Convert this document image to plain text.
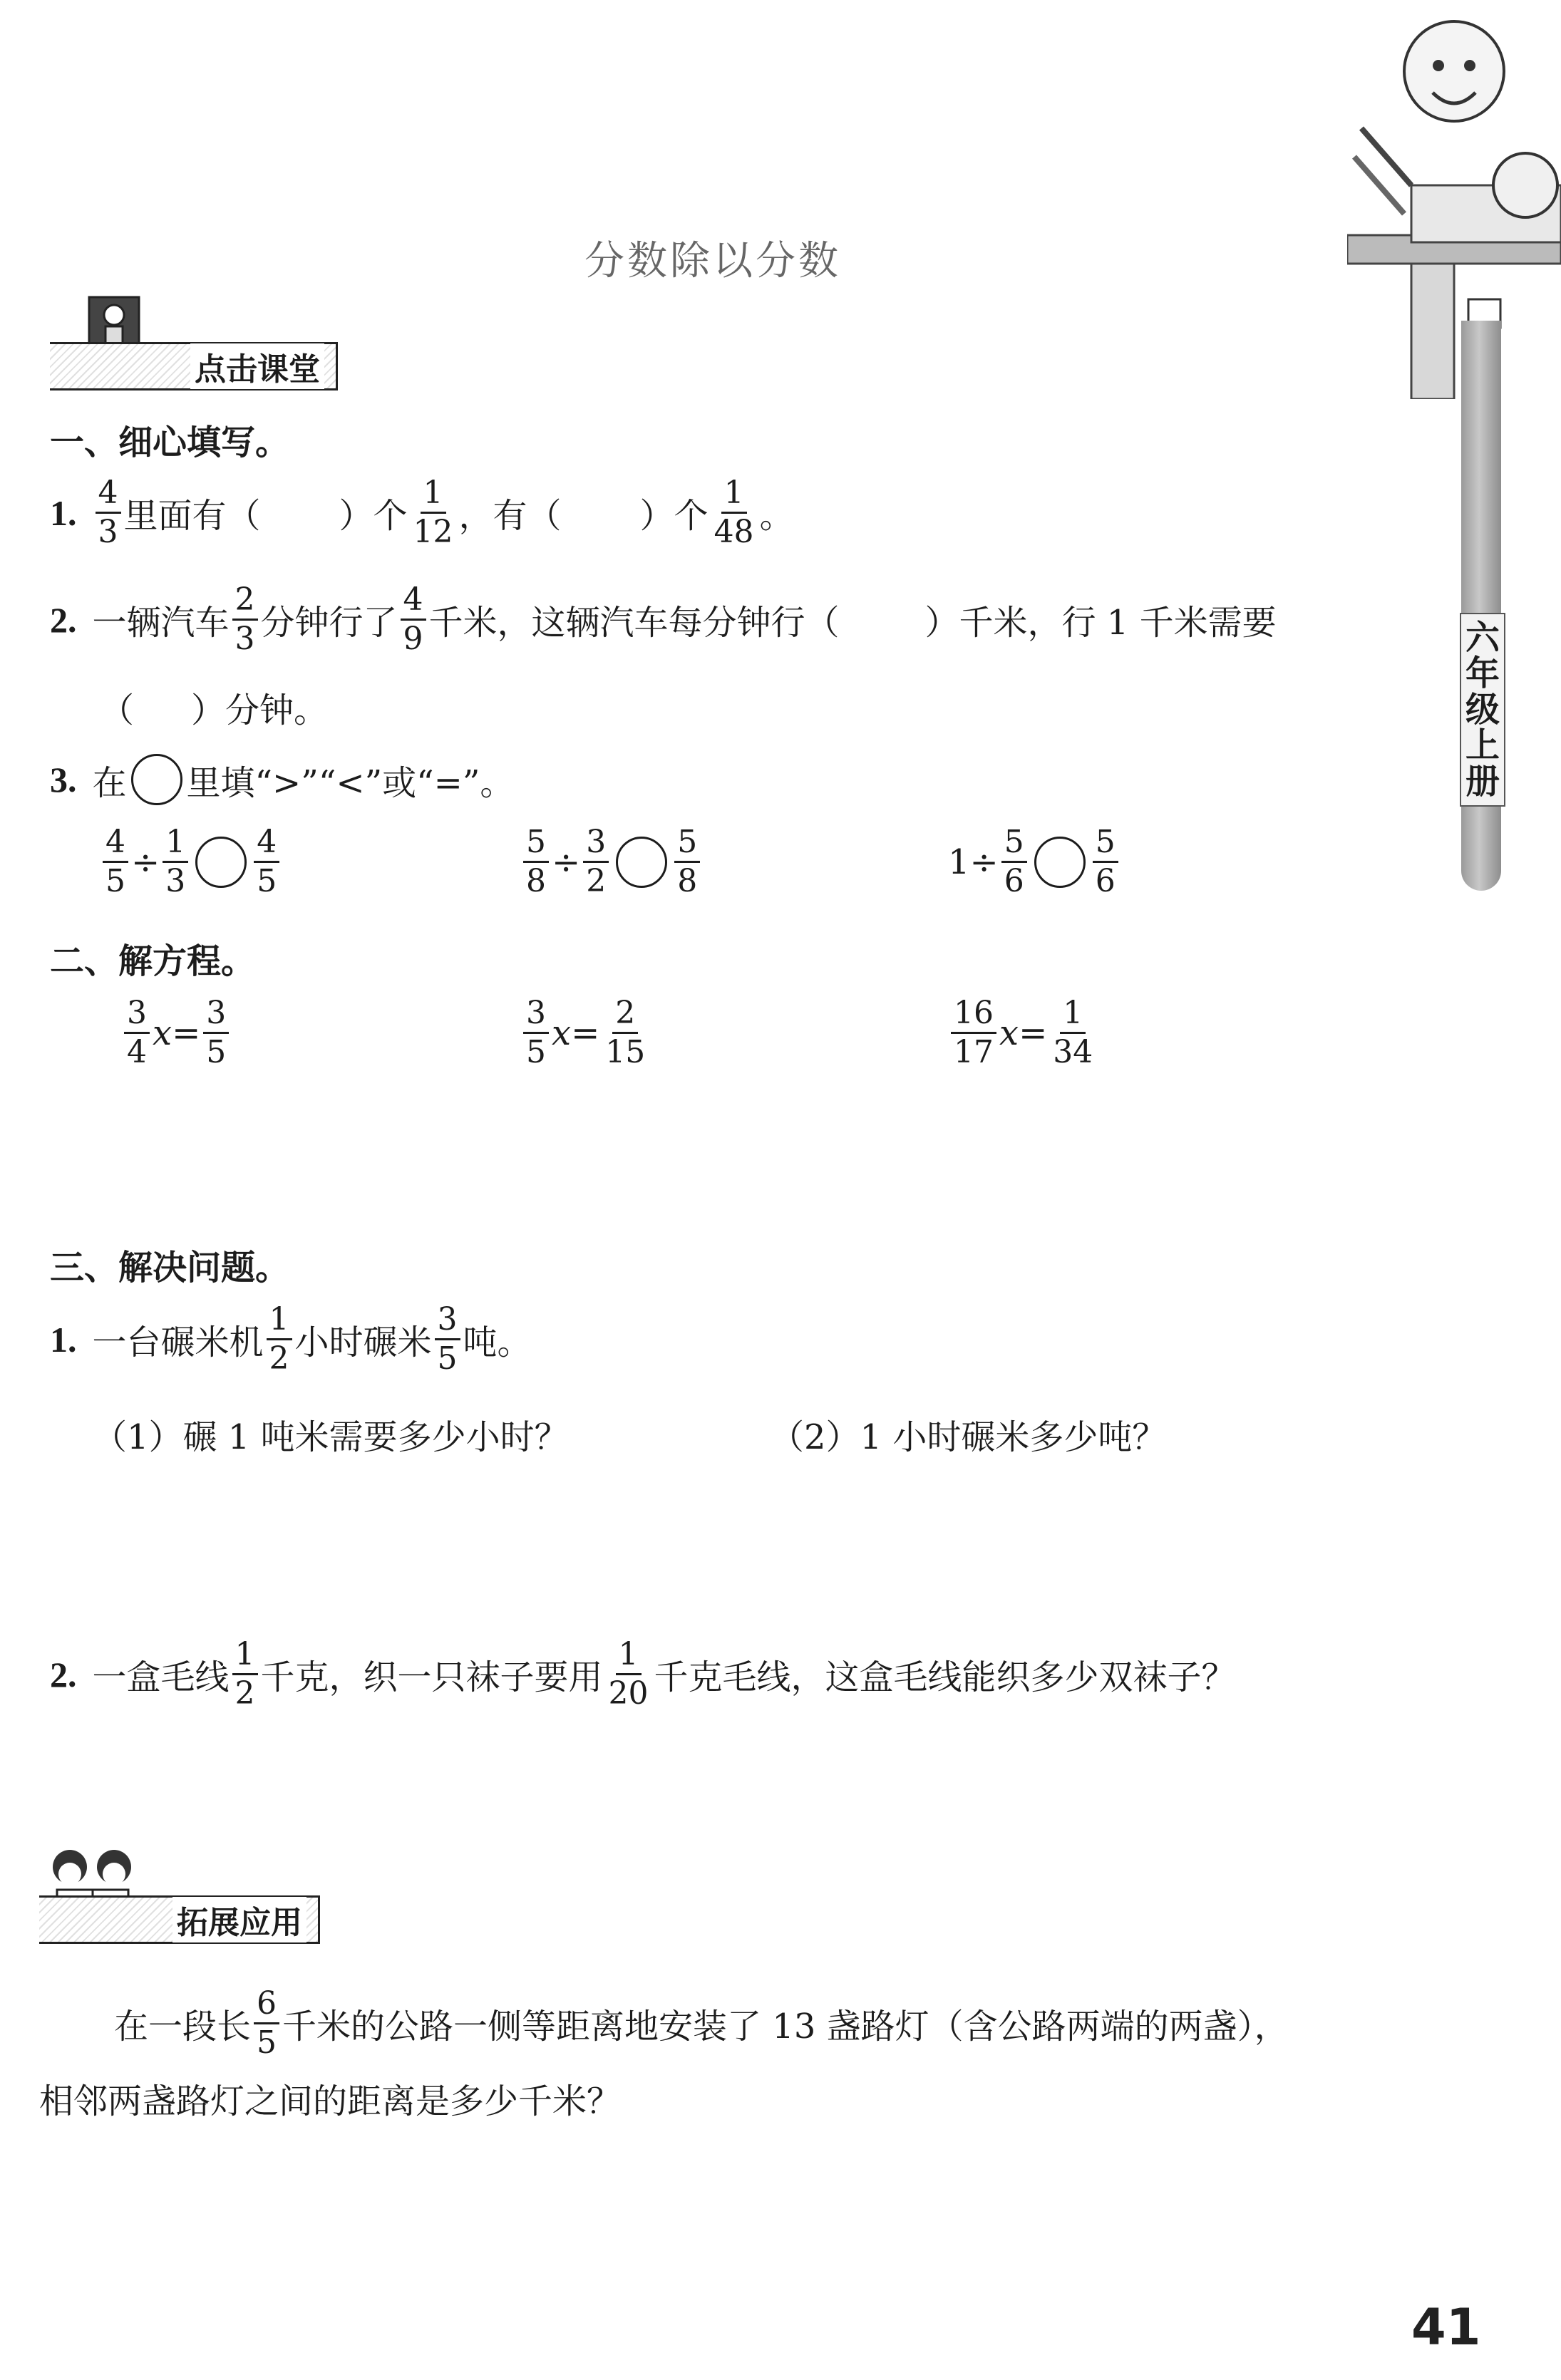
六年级上册
分数除以分数
点击课堂
一、细心填写。
1. $\frac{4}{3}$ 里面有（ ）个 $\frac{1}{12}$ ，有（ ）个 $\frac{1}{48}$ 。
2. 一辆汽车 $\frac{2}{3}$ 分钟行了 $\frac{4}{9}$ 千米，这辆汽车每分钟行（	）千米，行 1 千米需要
（ ）分钟。
3. 在 里填“>”“<”或“=”。
$\frac{4}{5} \div \frac{1}{3} \frac{4}{5}$	$\frac{5}{8} \div \frac{3}{2} \frac{5}{8}$	$1 \div \frac{5}{6} \frac{5}{6}$
二、解方程。
$\frac{3}{4}$ $x = \frac{3}{5}$	$\frac{3}{5}$ $x = \frac{2}{15}$	$\frac{16}{17}$ $x = \frac{1}{34}$
三、解决问题。
1. 一台碾米机 $\frac{1}{2}$ 小时碾米 $\frac{3}{5}$ 吨。
（1）碾 1 吨米需要多少小时？	（2）1 小时碾米多少吨？
2. 一盒毛线 $\frac{1}{2}$ 千克，织一只袜子要用 $\frac{1}{20}$ 千克毛线，这盒毛线能织多少双袜子？
拓展应用
在一段长 $\frac{6}{5}$ 千米的公路一侧等距离地安装了 13 盏路灯（含公路两端的两盏），
相邻两盏路灯之间的距离是多少千米？
41
